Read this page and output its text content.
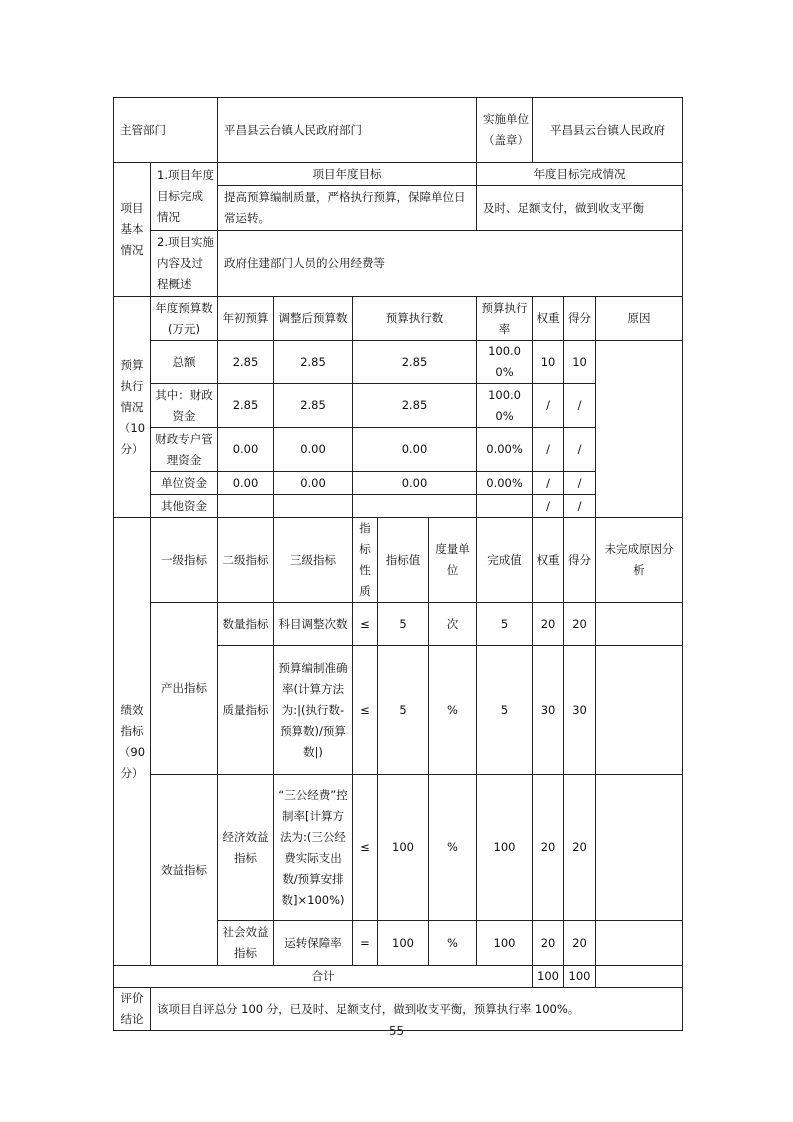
主管部门		平昌县云台镇人民政府部门					实施单位（盖章）	平昌县云台镇人民政府		
项目基本情况	1.项目年度目标完成情况	项目年度目标					年度目标完成情况			
		提高预算编制质量，严格执行预算，保障单位日常运转。					及时、足额支付，做到收支平衡			
	2.项目实施内容及过程概述	政府住建部门人员的公用经费等								
预算执行情况（10分）	年度预算数(万元)	年初预算	调整后预算数	预算执行数			预算执行率	权重	得分	原因
	总额	2.85	2.85	2.85			100.00%	10	10	
	其中：财政资金	2.85	2.85	2.85			100.00%	/	/	
	财政专户管理资金	0.00	0.00	0.00			0.00%	/	/	
	单位资金	0.00	0.00	0.00			0.00%	/	/	
	其他资金							/	/	
绩效指标（90分）	一级指标	二级指标	三级指标	指标性质	指标值	度量单位	完成值	权重	得分	未完成原因分析
	产出指标	数量指标	科目调整次数	≤	5	次	5	20	20	
		质量指标	预算编制准确率(计算方法为:|(执行数-预算数)/预算数|)	≤	5	%	5	30	30	
	效益指标	经济效益指标	“三公经费”控制率[计算方法为:(三公经费实际支出数/预算安排数]×100%)	≤	100	%	100	20	20	
		社会效益指标	运转保障率	=	100	%	100	20	20	
合计								100	100	
评价结论	该项目自评总分 100 分，已及时、足额支付，做到收支平衡，预算执行率 100%。									
55
